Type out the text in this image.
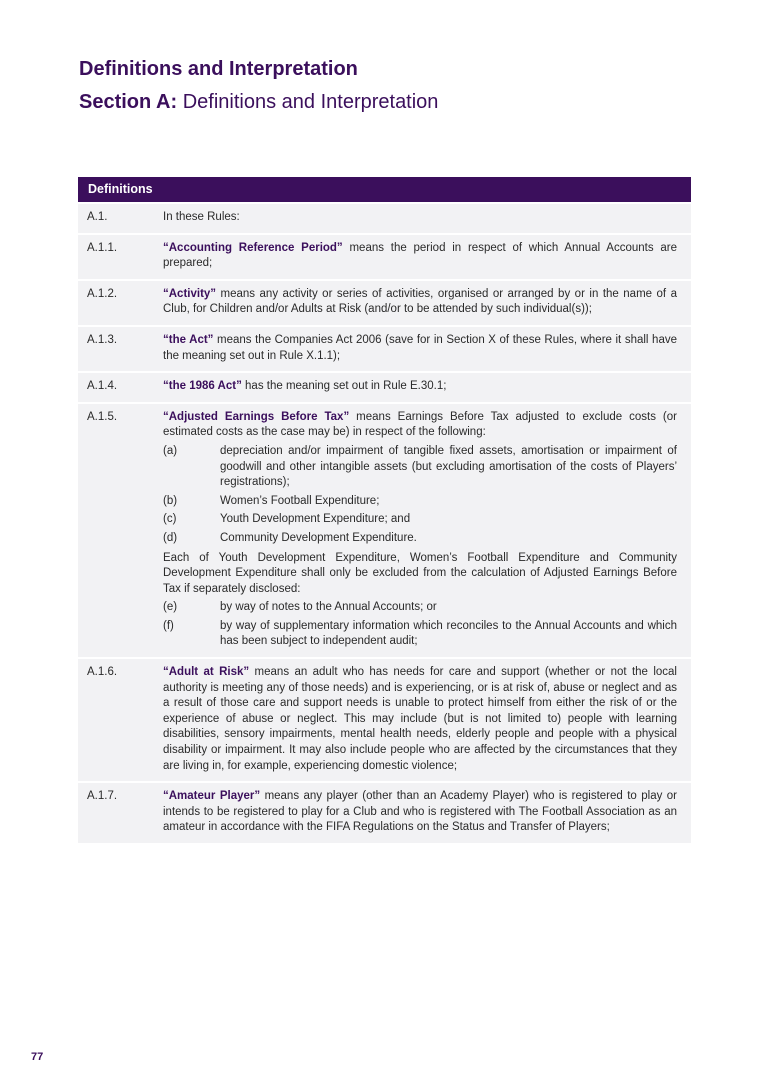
Definitions and Interpretation
Section A: Definitions and Interpretation
Definitions
A.1.	In these Rules:

A.1.1.	“Accounting Reference Period” means the period in respect of which Annual Accounts are prepared;

A.1.2.	“Activity” means any activity or series of activities, organised or arranged by or in the name of a Club, for Children and/or Adults at Risk (and/or to be attended by such individual(s));

A.1.3.	“the Act” means the Companies Act 2006 (save for in Section X of these Rules, where it shall have the meaning set out in Rule X.1.1);

A.1.4.	“the 1986 Act” has the meaning set out in Rule E.30.1;

A.1.5.	“Adjusted Earnings Before Tax” means Earnings Before Tax adjusted to exclude costs (or estimated costs as the case may be) in respect of the following:

(a)	depreciation and/or impairment of tangible fixed assets, amortisation or impairment of goodwill and other intangible assets (but excluding amortisation of the costs of Players’ registrations);
(b)	Women’s Football Expenditure;
(c)	Youth Development Expenditure; and
(d)	Community Development Expenditure.

Each of Youth Development Expenditure, Women’s Football Expenditure and Community Development Expenditure shall only be excluded from the calculation of Adjusted Earnings Before Tax if separately disclosed:

(e)	by way of notes to the Annual Accounts; or
(f)	by way of supplementary information which reconciles to the Annual Accounts and which has been subject to independent audit;
A.1.6.	“Adult at Risk” means an adult who has needs for care and support (whether or not the local authority is meeting any of those needs) and is experiencing, or is at risk of, abuse or neglect and as a result of those care and support needs is unable to protect himself from either the risk of or the experience of abuse or neglect. This may include (but is not limited to) people with learning disabilities, sensory impairments, mental health needs, elderly people and people with a physical disability or impairment. It may also include people who are affected by the circumstances that they are living in, for example, experiencing domestic violence;

A.1.7.	“Amateur Player” means any player (other than an Academy Player) who is registered to play or intends to be registered to play for a Club and who is registered with The Football Association as an amateur in accordance with the FIFA Regulations on the Status and Transfer of Players;

77
